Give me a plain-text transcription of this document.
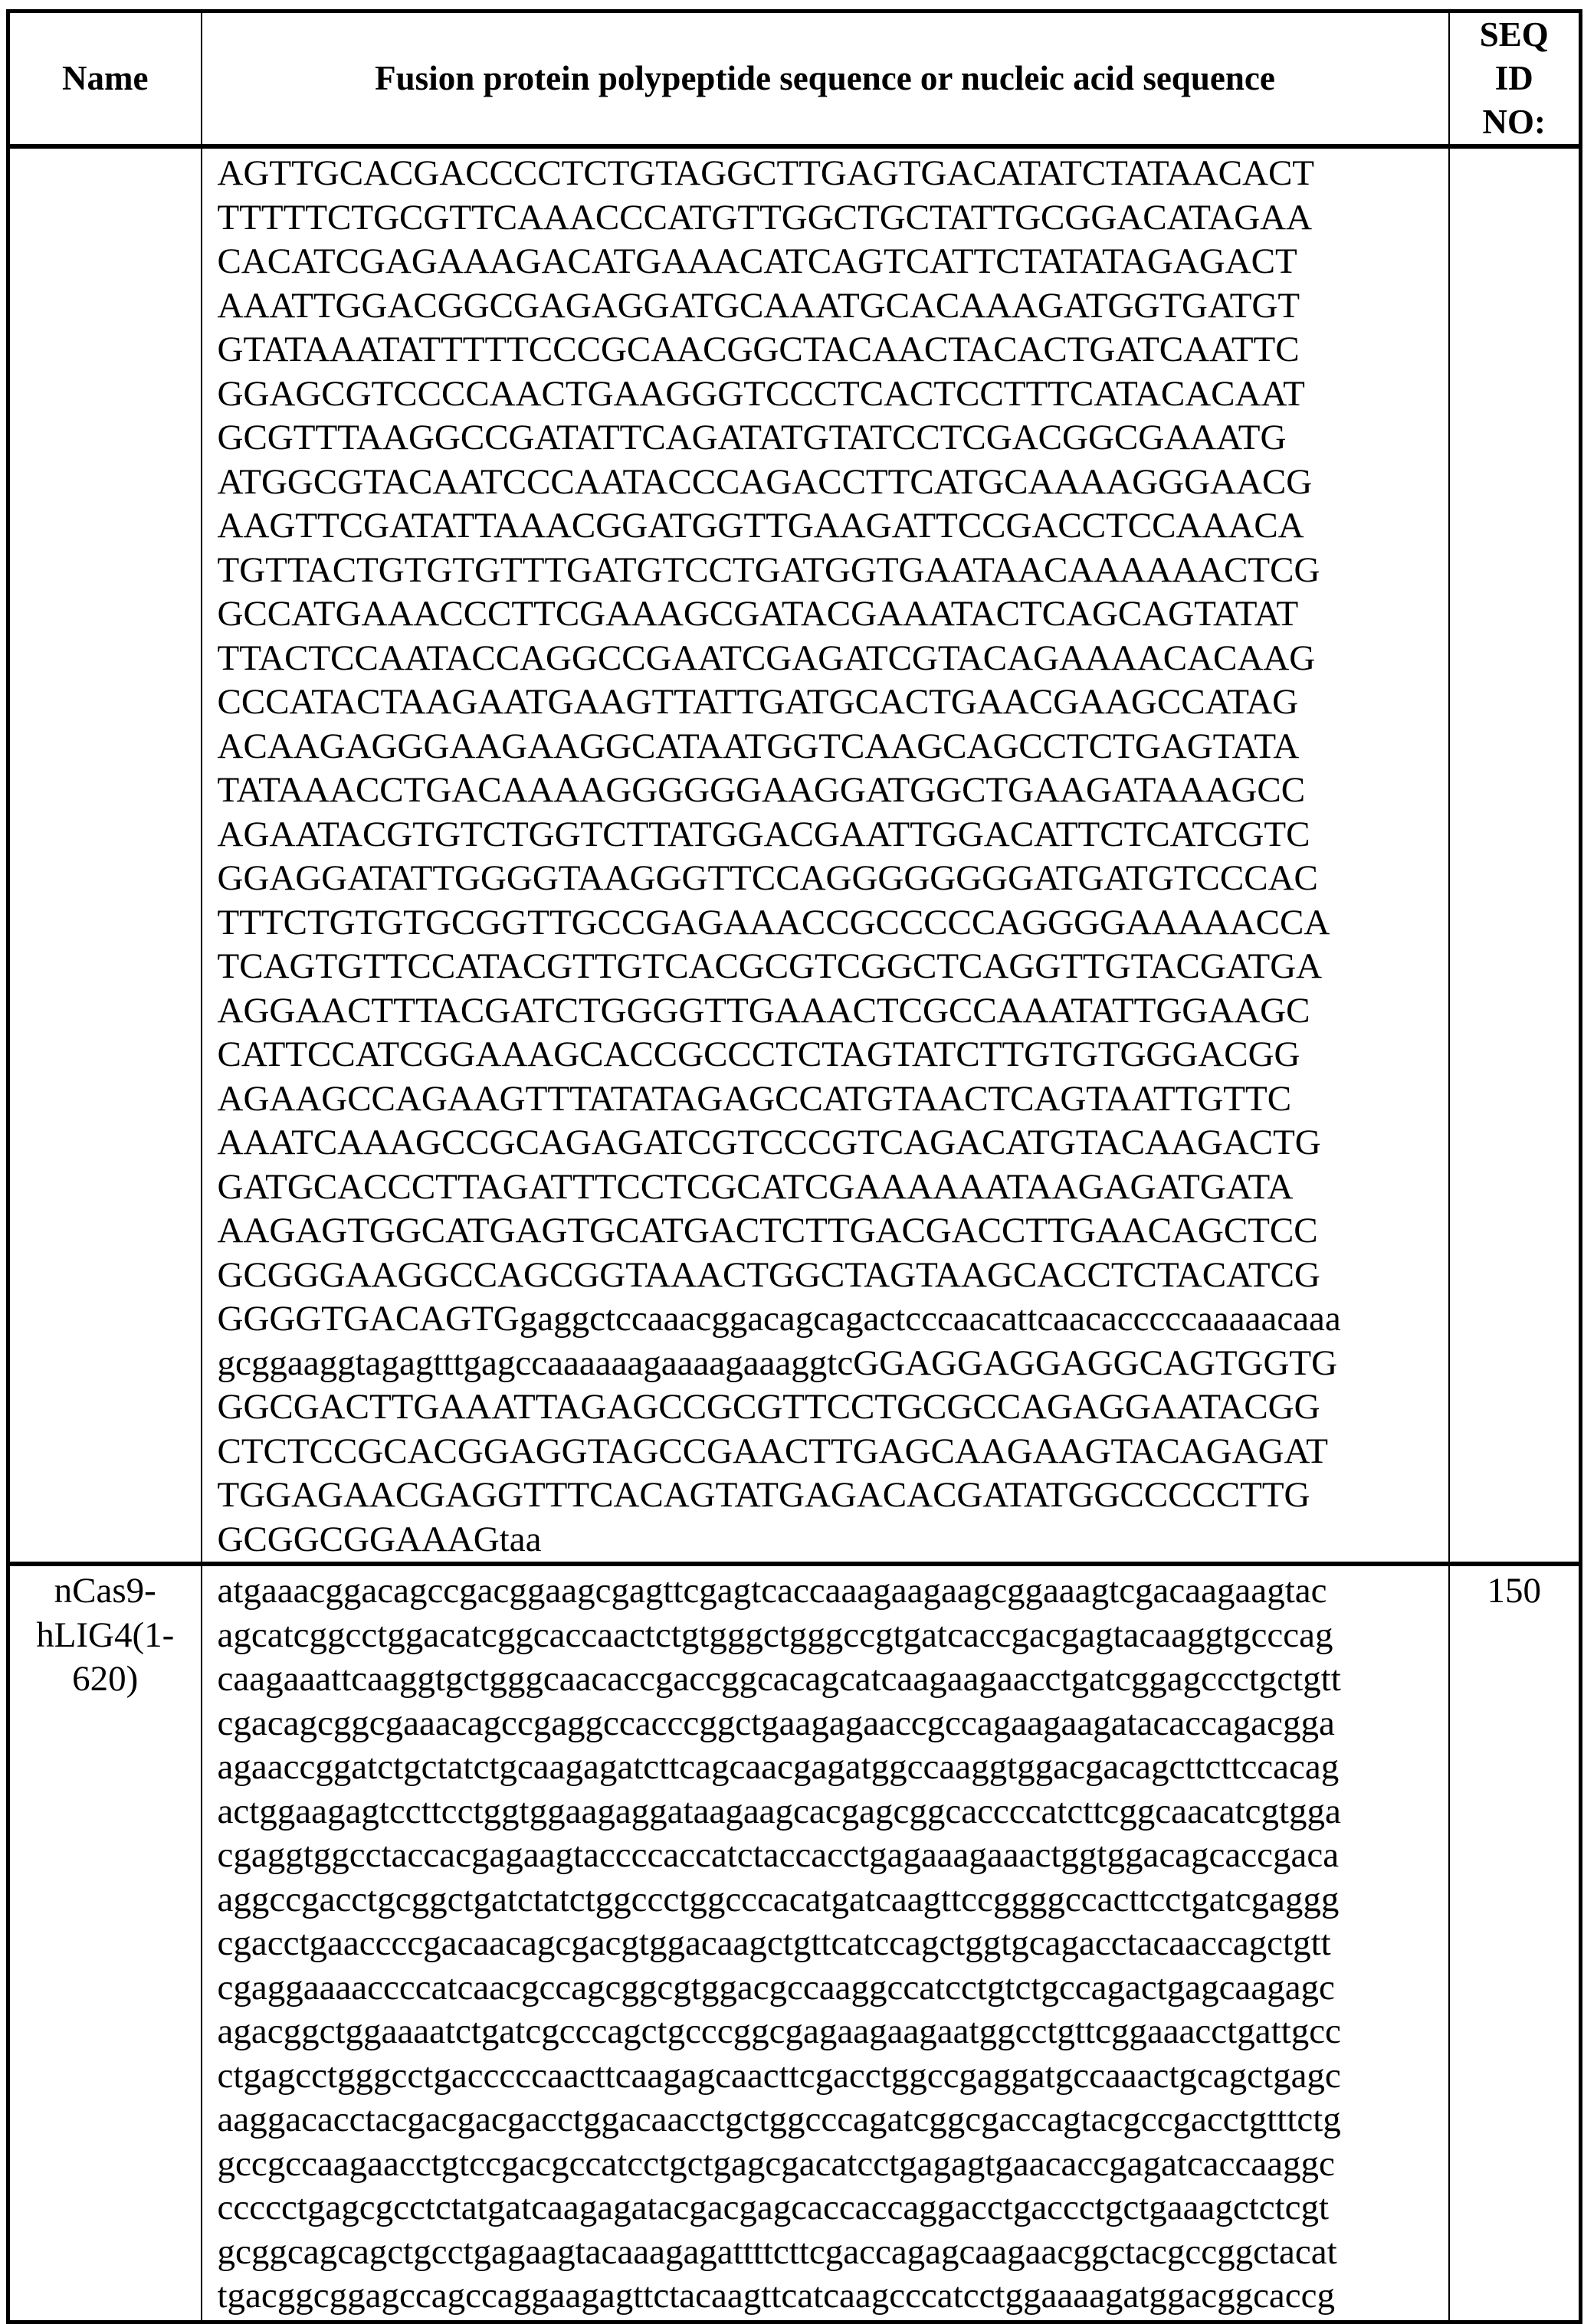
Name	Fusion protein polypeptide sequence or nucleic acid sequence	SEQ ID NO:

AGTTGCACGACCCCTCTGTAGGCTTGAGTGACATATCTATAACACT
TTTTTCTGCGTTCAAACCCATGTTGGCTGCTATTGCGGACATAGAA
CACATCGAGAAAGACATGAAACATCAGTCATTCTATATAGAGACT
AAATTGGACGGCGAGAGGATGCAAATGCACAAAGATGGTGATGT
GTATAAATATTTTTCCCGCAACGGCTACAACTACACTGATCAATTC
GGAGCGTCCCCAACTGAAGGGTCCCTCACTCCTTTCATACACAAT
GCGTTTAAGGCCGATATTCAGATATGTATCCTCGACGGCGAAATG
ATGGCGTACAATCCCAATACCCAGACCTTCATGCAAAAGGGAACG
AAGTTCGATATTAAACGGATGGTTGAAGATTCCGACCTCCAAACA
TGTTACTGTGTGTTTGATGTCCTGATGGTGAATAACAAAAAACTCG
GCCATGAAACCCTTCGAAAGCGATACGAAATACTCAGCAGTATAT
TTACTCCAATACCAGGCCGAATCGAGATCGTACAGAAAACACAAG
CCCATACTAAGAATGAAGTTATTGATGCACTGAACGAAGCCATAG
ACAAGAGGGAAGAAGGCATAATGGTCAAGCAGCCTCTGAGTATA
TATAAACCTGACAAAAGGGGGGAAGGATGGCTGAAGATAAAGCC
AGAATACGTGTCTGGTCTTATGGACGAATTGGACATTCTCATCGTC
GGAGGATATTGGGGTAAGGGTTCCAGGGGGGGGATGATGTCCCAC
TTTCTGTGTGCGGTTGCCGAGAAACCGCCCCCAGGGGAAAAACCA
TCAGTGTTCCATACGTTGTCACGCGTCGGCTCAGGTTGTACGATGA
AGGAACTTTACGATCTGGGGTTGAAACTCGCCAAATATTGGAAGC
CATTCCATCGGAAAGCACCGCCCTCTAGTATCTTGTGTGGGACGG
AGAAGCCAGAAGTTTATATAGAGCCATGTAACTCAGTAATTGTTC
AAATCAAAGCCGCAGAGATCGTCCCGTCAGACATGTACAAGACTG
GATGCACCCTTAGATTTCCTCGCATCGAAAAAATAAGAGATGATA
AAGAGTGGCATGAGTGCATGACTCTTGACGACCTTGAACAGCTCC
GCGGGAAGGCCAGCGGTAAACTGGCTAGTAAGCACCTCTACATCG
GGGGTGACAGTGgaggctccaaacggacagcagactcccaacattcaacacccccaaaaacaaa
gcggaaggtagagtttgagccaaaaaagaaaagaaaggtcGGAGGAGGAGGCAGTGGTG
GGCGACTTGAAATTAGAGCCGCGTTCCTGCGCCAGAGGAATACGG
CTCTCCGCACGGAGGTAGCCGAACTTGAGCAAGAAGTACAGAGAT
TGGAGAACGAGGTTTCACAGTATGAGACACGATATGGCCCCCTTG
GCGGCGGAAAGtaa

nCas9-hLIG4(1-620)	
atgaaacggacagccgacggaagcgagttcgagtcaccaaagaagaagcggaaagtcgacaagaagtac
agcatcggcctggacatcggcaccaactctgtgggctgggccgtgatcaccgacgagtacaaggtgcccag
caagaaattcaaggtgctgggcaacaccgaccggcacagcatcaagaagaacctgatcggagccctgctgtt
cgacagcggcgaaacagccgaggccacccggctgaagagaaccgccagaagaagatacaccagacgga
agaaccggatctgctatctgcaagagatcttcagcaacgagatggccaaggtggacgacagcttcttccacag
actggaagagtccttcctggtggaagaggataagaagcacgagcggcaccccatcttcggcaacatcgtgga
cgaggtggcctaccacgagaagtaccccaccatctaccacctgagaaagaaactggtggacagcaccgaca
aggccgacctgcggctgatctatctggccctggcccacatgatcaagttccggggccacttcctgatcgaggg
cgacctgaaccccgacaacagcgacgtggacaagctgttcatccagctggtgcagacctacaaccagctgtt
cgaggaaaaccccatcaacgccagcggcgtggacgccaaggccatcctgtctgccagactgagcaagagc
agacggctggaaaatctgatcgcccagctgcccggcgagaagaagaatggcctgttcggaaacctgattgcc
ctgagcctgggcctgacccccaacttcaagagcaacttcgacctggccgaggatgccaaactgcagctgagc
aaggacacctacgacgacgacctggacaacctgctggcccagatcggcgaccagtacgccgacctgtttctg
gccgccaagaacctgtccgacgccatcctgctgagcgacatcctgagagtgaacaccgagatcaccaaggc
ccccctgagcgcctctatgatcaagagatacgacgagcaccaccaggacctgaccctgctgaaagctctcgt
gcggcagcagctgcctgagaagtacaaagagattttcttcgaccagagcaagaacggctacgccggctacat
tgacggcggagccagccaggaagagttctacaagttcatcaagcccatcctggaaaagatggacggcaccg
	150
